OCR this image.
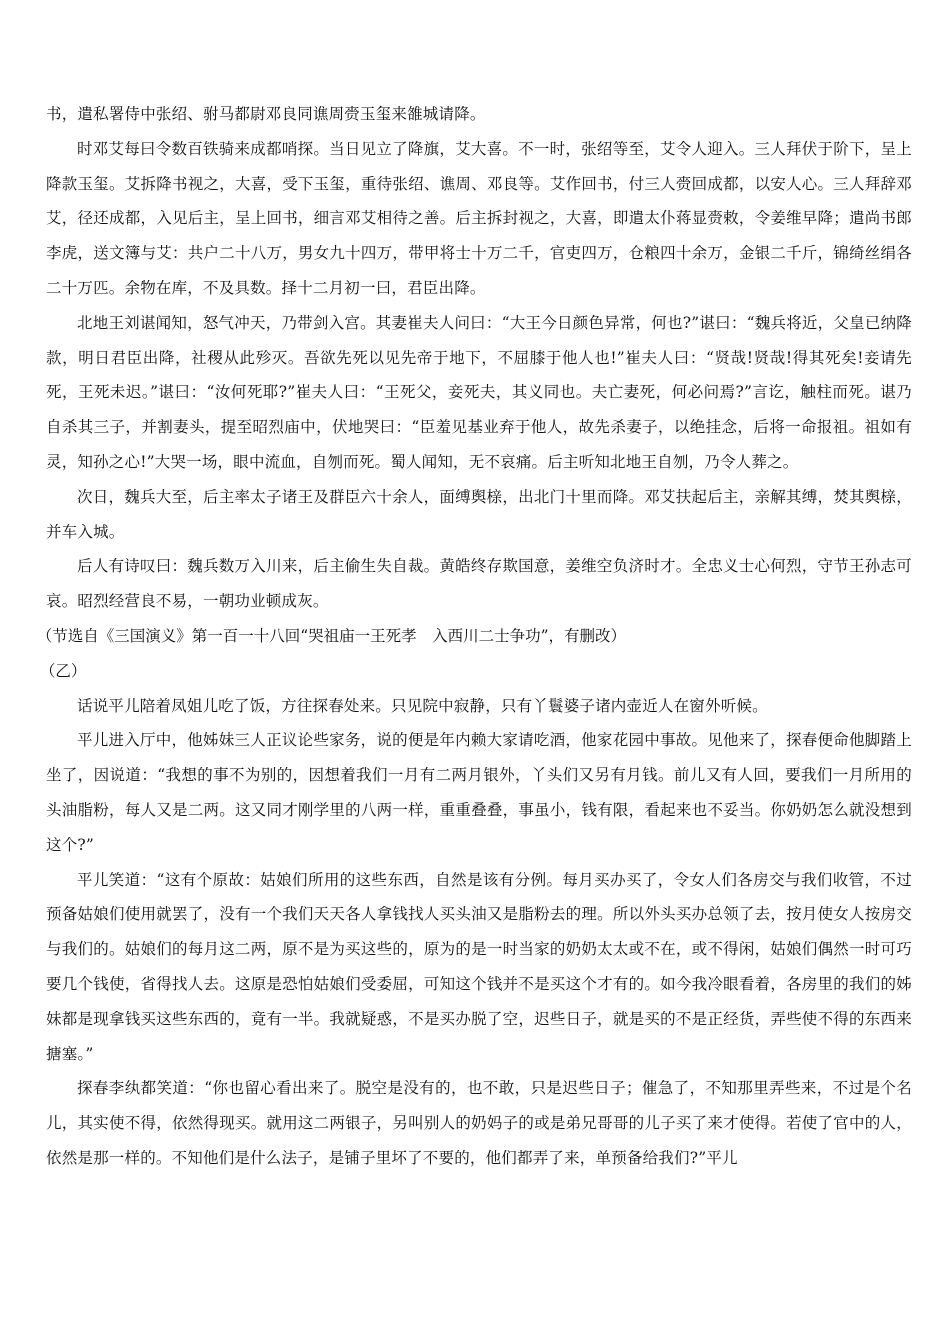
书，遣私署侍中张绍、驸马都尉邓良同谯周赍玉玺来雒城请降。

时邓艾每曰令数百铁骑来成都哨探。当日见立了降旗，艾大喜。不一时，张绍等至，艾令人迎入。三人拜伏于阶下，呈上降款玉玺。艾拆降书视之，大喜，受下玉玺，重待张绍、谯周、邓良等。艾作回书，付三人赍回成都，以安人心。三人拜辞邓艾，径还成都，入见后主，呈上回书，细言邓艾相待之善。后主拆封视之，大喜，即遣太仆蒋显赍敕，令姜维早降；遣尚书郎李虎，送文簿与艾：共户二十八万，男女九十四万，带甲将士十万二千，官吏四万，仓粮四十余万，金银二千斤，锦绮丝绢各二十万匹。余物在库，不及具数。择十二月初一曰，君臣出降。

北地王刘谌闻知，怒气冲天，乃带剑入宫。其妻崔夫人问曰：“大王今日颜色异常，何也?”谌曰：“魏兵将近，父皇已纳降款，明日君臣出降，社稷从此殄灭。吾欲先死以见先帝于地下，不屈膝于他人也!”崔夫人曰：“贤哉!贤哉!得其死矣!妾请先死，王死未迟。”谌曰：“汝何死耶?”崔夫人曰：“王死父，妾死夫，其义同也。夫亡妻死，何必问焉?”言讫，触柱而死。谌乃自杀其三子，并割妻头，提至昭烈庙中，伏地哭曰：“臣羞见基业弃于他人，故先杀妻子，以绝挂念，后将一命报祖。祖如有灵，知孙之心!”大哭一场，眼中流血，自刎而死。蜀人闻知，无不哀痛。后主听知北地王自刎，乃令人葬之。

次日，魏兵大至，后主率太子诸王及群臣六十余人，面缚舆榇，出北门十里而降。邓艾扶起后主，亲解其缚，焚其舆榇，并车入城。

后人有诗叹曰：魏兵数万入川来，后主偷生失自裁。黄皓终存欺国意，姜维空负济时才。全忠义士心何烈，守节王孙志可哀。昭烈经营良不易，一朝功业顿成灰。

（节选自《三国演义》第一百一十八回“哭祖庙一王死孝　入西川二士争功”，有删改）

（乙）

话说平儿陪着凤姐儿吃了饭，方往探春处来。只见院中寂静，只有丫鬟婆子诸内壶近人在窗外听候。

平儿进入厅中，他姊妹三人正议论些家务，说的便是年内赖大家请吃酒，他家花园中事故。见他来了，探春便命他脚踏上坐了，因说道：“我想的事不为别的，因想着我们一月有二两月银外，丫头们又另有月钱。前儿又有人回，要我们一月所用的头油脂粉，每人又是二两。这又同才刚学里的八两一样，重重叠叠，事虽小，钱有限，看起来也不妥当。你奶奶怎么就没想到这个?”

平儿笑道：“这有个原故：姑娘们所用的这些东西，自然是该有分例。每月买办买了，令女人们各房交与我们收管，不过预备姑娘们使用就罢了，没有一个我们天天各人拿钱找人买头油又是脂粉去的理。所以外头买办总领了去，按月使女人按房交与我们的。姑娘们的每月这二两，原不是为买这些的，原为的是一时当家的奶奶太太或不在，或不得闲，姑娘们偶然一时可巧要几个钱使，省得找人去。这原是恐怕姑娘们受委屈，可知这个钱并不是买这个才有的。如今我冷眼看着，各房里的我们的姊妹都是现拿钱买这些东西的，竟有一半。我就疑惑，不是买办脱了空，迟些日子，就是买的不是正经货，弄些使不得的东西来搪塞。”

探春李纨都笑道：“你也留心看出来了。脱空是没有的，也不敢，只是迟些日子；催急了，不知那里弄些来，不过是个名儿，其实使不得，依然得现买。就用这二两银子，另叫别人的奶妈子的或是弟兄哥哥的儿子买了来才使得。若使了官中的人，依然是那一样的。不知他们是什么法子，是铺子里坏了不要的，他们都弄了来，单预备给我们?”平儿
